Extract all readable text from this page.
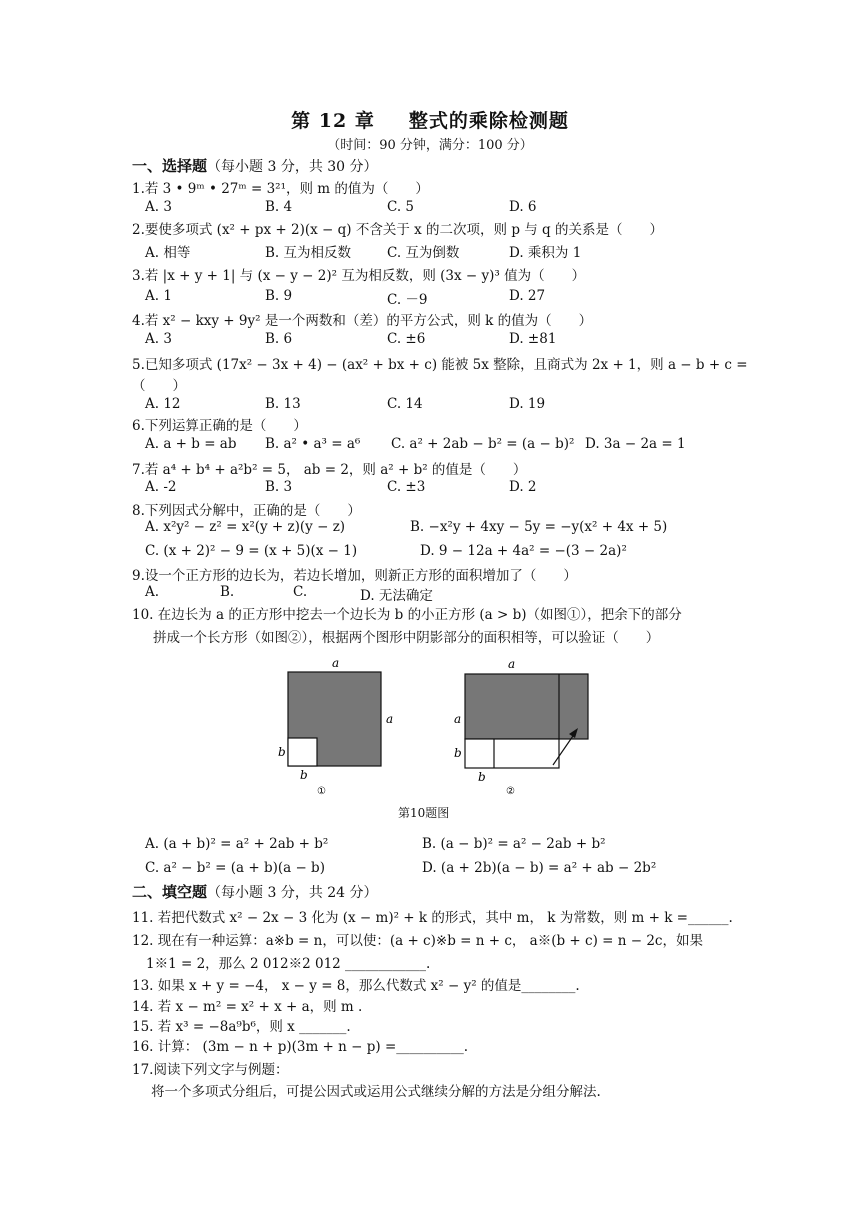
第 12 章 整式的乘除检测题
（时间：90 分钟，满分：100 分）
一、选择题（每小题 3 分，共 30 分）
1.若 3 • 9ᵐ • 27ᵐ = 3²¹，则 m 的值为（　　）
A. 3	B. 4	C. 5	D. 6
2.要使多项式 (x² + px + 2)(x − q) 不含关于 x 的二次项，则 p 与 q 的关系是（　　）
A. 相等	B. 互为相反数	C. 互为倒数	D. 乘积为 1
3.若 |x + y + 1| 与 (x − y − 2)² 互为相反数，则 (3x − y)³ 值为（　　）
A. 1	B. 9	C. －9	D. 27
4.若 x² − kxy + 9y² 是一个两数和（差）的平方公式，则 k 的值为（　　）
A. 3	B. 6	C. ±6	D. ±81
5.已知多项式 (17x² − 3x + 4) − (ax² + bx + c) 能被 5x 整除，且商式为 2x + 1，则 a − b + c =
（　　）
A. 12	B. 13	C. 14	D. 19
6.下列运算正确的是（　　）
A. a + b = ab B. a² • a³ = a⁶ C. a² + 2ab − b² = (a − b)² D. 3a − 2a = 1
7.若 a⁴ + b⁴ + a²b² = 5， ab = 2，则 a² + b² 的值是（　　）
A. -2	B. 3	C. ±3	D. 2
8.下列因式分解中，正确的是（　　）
A. x²y² − z² = x²(y + z)(y − z)	B. −x²y + 4xy − 5y = −y(x² + 4x + 5)
C. (x + 2)² − 9 = (x + 5)(x − 1)	D. 9 − 12a + 4a² = −(3 − 2a)²
9.设一个正方形的边长为，若边长增加，则新正方形的面积增加了（　　）
A.	B.	C.	D. 无法确定
10. 在边长为 a 的正方形中挖去一个边长为 b 的小正方形 (a > b)（如图①），把余下的部分
拼成一个长方形（如图②），根据两个图形中阴影部分的面积相等，可以验证（　　）
a
a
b
b
①
a
a
b
b
②
第10题图
A. (a + b)² = a² + 2ab + b²	B. (a − b)² = a² − 2ab + b²
C. a² − b² = (a + b)(a − b)	D. (a + 2b)(a − b) = a² + ab − 2b²
二、填空题（每小题 3 分，共 24 分）
11. 若把代数式 x² − 2x − 3 化为 (x − m)² + k 的形式，其中 m， k 为常数，则 m + k =______.
12. 现在有一种运算：a※b = n，可以使：(a + c)※b = n + c， a※(b + c) = n − 2c，如果
1※1 = 2，那么 2 012※2 012 ____________.
13. 如果 x + y = −4， x − y = 8，那么代数式 x² − y² 的值是________.
14. 若 x − m² = x² + x + a，则 m .
15. 若 x³ = −8a⁹b⁶，则 x _______.
16. 计算： (3m − n + p)(3m + n − p) =__________.
17.阅读下列文字与例题：
将一个多项式分组后，可提公因式或运用公式继续分解的方法是分组分解法.
